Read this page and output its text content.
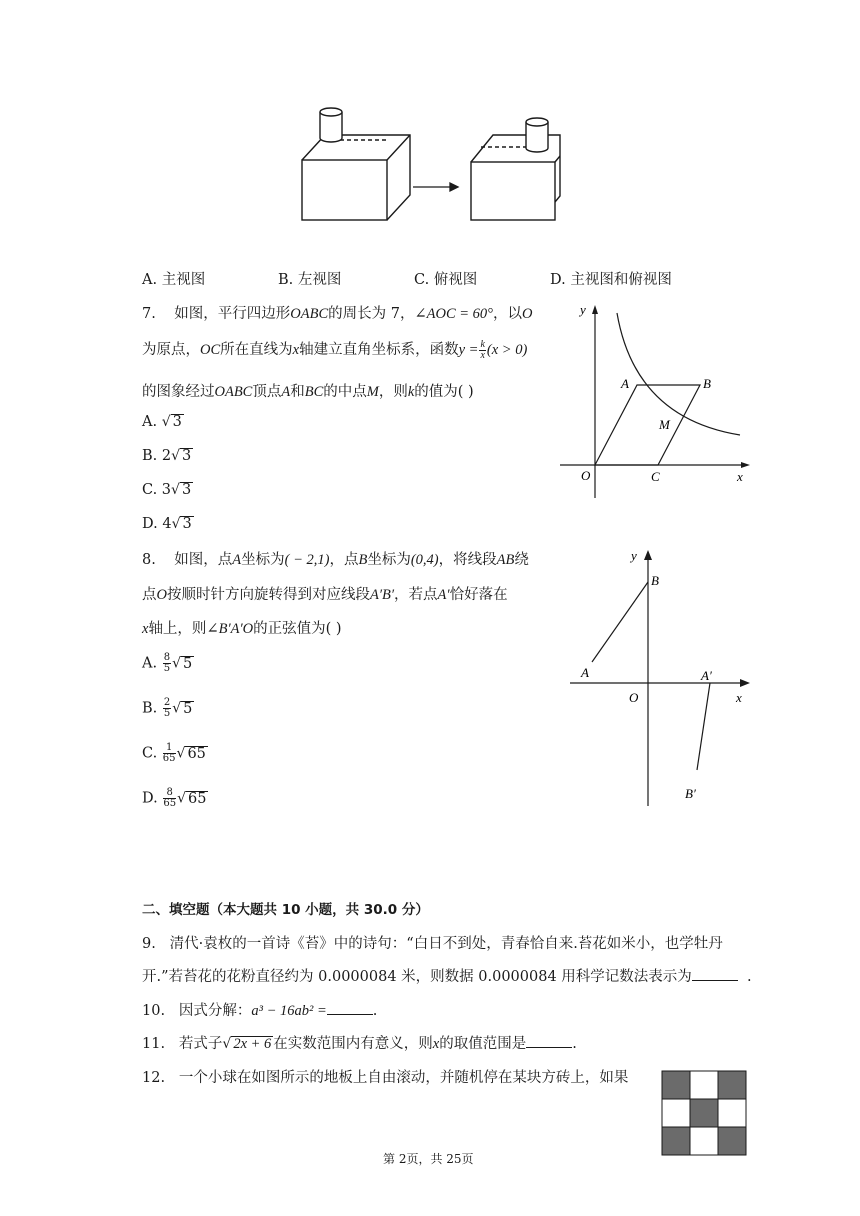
A. 主视图	B. 左视图	C. 俯视图	D. 主视图和俯视图
7. 如图，平行四边形OABC的周长为 7，∠AOC = 60°，以O
为原点，OC所在直线为x轴建立直角坐标系，函数$y = \frac{k}{x} (x > 0)$
的图象经过OABC顶点A和BC的中点M，则k的值为( )
A. √ 3
B. 2√ 3
C. 3√ 3
D. 4√ 3
y
x
O
A	B
C
M
8. 如图，点A坐标为( − 2,1)，点B坐标为(0,4)，将线段AB绕
点O按顺时针方向旋转得到对应线段A′B′，若点A′恰好落在
x轴上，则∠B′A′O的正弦值为( )
A. $\frac{8}{5}$ √ 5
B. $\frac{2}{5}$ √ 5
C. $\frac{1}{65}$ √ 65
D. $\frac{8}{65}$ √ 65
y
x
O
A
B
A′
B′
二、填空题（本大题共 10 小题，共 30.0 分）
9. 清代·袁枚的一首诗《苔》中的诗句：“白日不到处，青春恰自来.苔花如米小，也学牡丹
开.”若苔花的花粉直径约为 0.0000084 米，则数据 0.0000084 用科学记数法表示为	.
10. 因式分解：a³ − 16ab² =	.
11. 若式子√ 2x + 6 在实数范围内有意义，则x的取值范围是	.
12. 一个小球在如图所示的地板上自由滚动，并随机停在某块方砖上，如果
第 2页，共 25页
